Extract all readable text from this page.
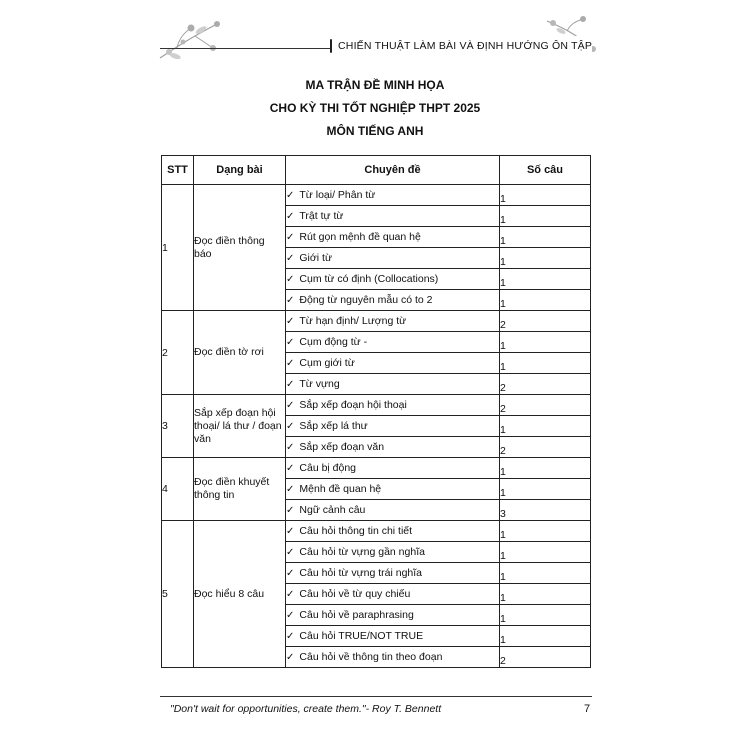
CHIẾN THUẬT LÀM BÀI VÀ ĐỊNH HƯỚNG ÔN TẬP
MA TRẬN ĐỀ MINH HỌA
CHO KỲ THI TỐT NGHIỆP THPT 2025
MÔN TIẾNG ANH
STT	Dạng bài	Chuyên đề	Số câu
1	Đọc điền thông báo	✓ Từ loại/ Phân từ	1
		✓ Trật tự từ	1
		✓ Rút gọn mệnh đề quan hệ	1
		✓ Giới từ	1
		✓ Cụm từ có định (Collocations)	1
		✓ Động từ nguyên mẫu có to 2	1
2	Đọc điền tờ rơi	✓ Từ hạn định/ Lượng từ	2
		✓ Cụm động từ -	1
		✓ Cụm giới từ	1
		✓ Từ vựng	2
3	Sắp xếp đoạn hội thoại/ lá thư / đoạn văn	✓ Sắp xếp đoạn hội thoại	2
		✓ Sắp xếp lá thư	1
		✓ Sắp xếp đoạn văn	2
4	Đọc điền khuyết thông tin	✓ Câu bị động	1
		✓ Mệnh đề quan hệ	1
		✓ Ngữ cảnh câu	3
5	Đọc hiểu 8 câu	✓ Câu hỏi thông tin chi tiết	1
		✓ Câu hỏi từ vựng gần nghĩa	1
		✓ Câu hỏi từ vựng trái nghĩa	1
		✓ Câu hỏi về từ quy chiếu	1
		✓ Câu hỏi về paraphrasing	1
		✓ Câu hỏi TRUE/NOT TRUE	1
		✓ Câu hỏi về thông tin theo đoạn	2
"Don't wait for opportunities, create them."- Roy T. Bennett	7
